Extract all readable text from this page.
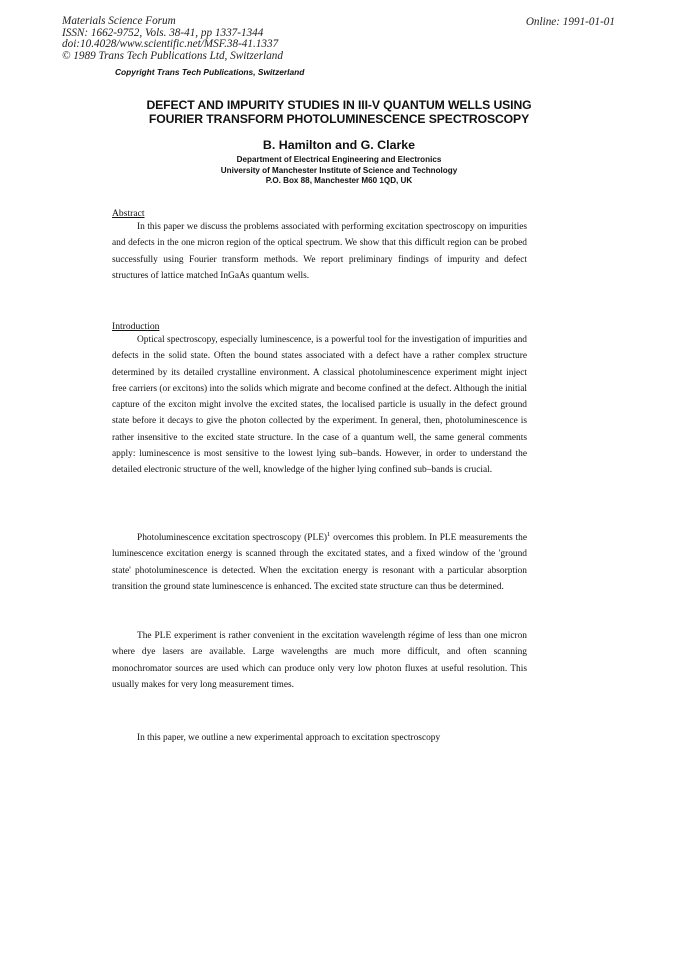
Materials Science Forum
ISSN: 1662-9752, Vols. 38-41, pp 1337-1344
doi:10.4028/www.scientific.net/MSF.38-41.1337
© 1989 Trans Tech Publications Ltd, Switzerland
Online: 1991-01-01
Copyright Trans Tech Publications, Switzerland
DEFECT AND IMPURITY STUDIES IN III-V QUANTUM WELLS USING
FOURIER TRANSFORM PHOTOLUMINESCENCE SPECTROSCOPY
B. Hamilton and G. Clarke
Department of Electrical Engineering and Electronics
University of Manchester Institute of Science and Technology
P.O. Box 88, Manchester M60 1QD, UK

Abstract

In this paper we discuss the problems associated with performing excitation spectroscopy on impurities and defects in the one micron region of the optical spectrum. We show that this difficult region can be probed successfully using Fourier transform methods. We report preliminary findings of impurity and defect structures of lattice matched InGaAs quantum wells.

Introduction

Optical spectroscopy, especially luminescence, is a powerful tool for the investigation of impurities and defects in the solid state. Often the bound states associated with a defect have a rather complex structure determined by its detailed crystalline environment. A classical photoluminescence experiment might inject free carriers (or excitons) into the solids which migrate and become confined at the defect. Although the initial capture of the exciton might involve the excited states, the localised particle is usually in the defect ground state before it decays to give the photon collected by the experiment. In general, then, photoluminescence is rather insensitive to the excited state structure. In the case of a quantum well, the same general comments apply: luminescence is most sensitive to the lowest lying sub–bands. However, in order to understand the detailed electronic structure of the well, knowledge of the higher lying confined sub–bands is crucial.

Photoluminescence excitation spectroscopy (PLE)$^1$ overcomes this problem. In PLE measurements the luminescence excitation energy is scanned through the excitated states, and a fixed window of the 'ground state' photoluminescence is detected. When the excitation energy is resonant with a particular absorption transition the ground state luminescence is enhanced. The excited state structure can thus be determined.

The PLE experiment is rather convenient in the excitation wavelength régime of less than one micron where dye lasers are available. Large wavelengths are much more difficult, and often scanning monochromator sources are used which can produce only very low photon fluxes at useful resolution. This usually makes for very long measurement times.

In this paper, we outline a new experimental approach to excitation spectroscopy
